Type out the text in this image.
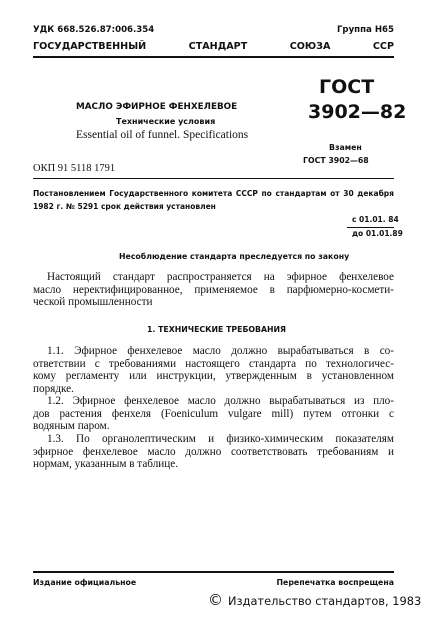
УДК 668.526.87:006.354	Группа Н65
ГОСУДАРСТВЕННЫЙ СТАНДАРТ СОЮЗА ССР
МАСЛО ЭФИРНОЕ ФЕНХЕЛЕВОЕ
Технические условия
Essential oil of funnel. Specifications
ГОСТ
3902—82
Взамен
ГОСТ 3902—68
ОКП 91 5118 1791
Постановлением Государственного комитета СССР по стандартам от 30 декабря
1982 г. № 5291 срок действия установлен
с 01.01. 84
до 01.01.89
Несоблюдение стандарта преследуется по закону
Настоящий стандарт распространяется на эфирное фенхелевое
масло неректифицированное, применяемое в парфюмерно-космети-
ческой промышленности
1. ТЕХНИЧЕСКИЕ ТРЕБОВАНИЯ
1.1. Эфирное фенхелевое масло должно вырабатываться в со-
ответствии с требованиями настоящего стандарта по технологичес-
кому регламенту или инструкции, утвержденным в установленном
порядке.
1.2. Эфирное фенхелевое масло должно вырабатываться из пло-
дов растения фенхеля (Foeniculum vulgare mill) путем отгонки с
водяным паром.
1.3. По органолептическим и физико-химическим показателям
эфирное фенхелевое масло должно соответствовать требованиям и
нормам, указанным в таблице.
Издание официальное	Перепечатка воспрещена
© Издательство стандартов, 1983
